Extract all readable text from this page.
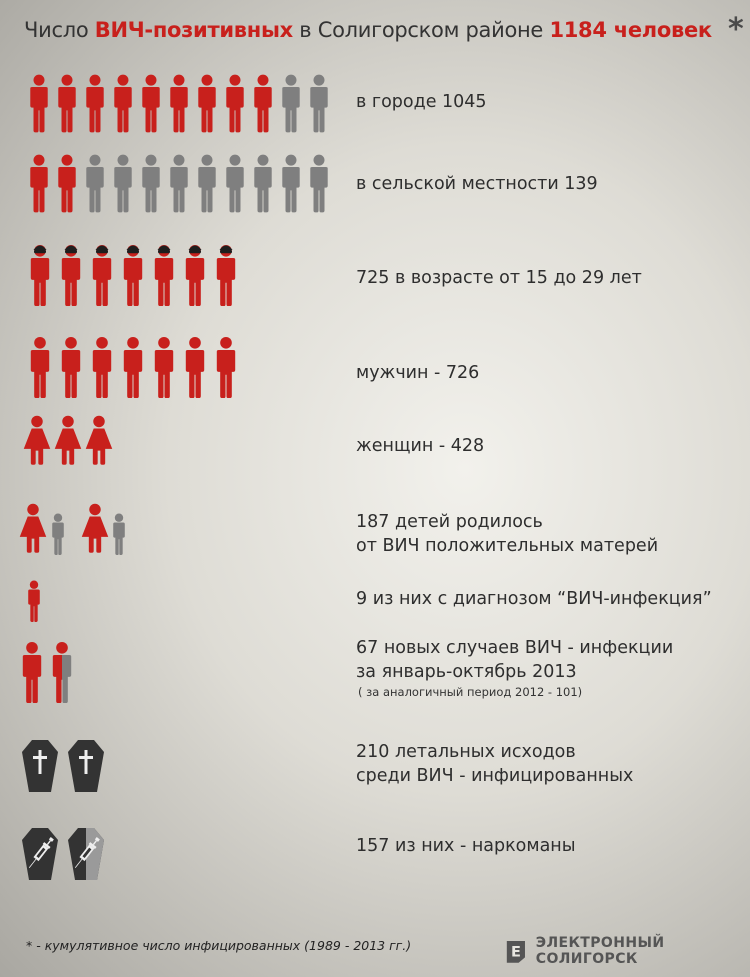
Число ВИЧ-позитивных в Солигорском районе 1184 человек *

в городе 1045

в сельской местности 139

725 в возрасте от 15 до 29 лет

мужчин - 726

женщин - 428

187 детей родилось
от ВИЧ положительных матерей

9 из них с диагнозом “ВИЧ-инфекция”

67 новых случаев ВИЧ - инфекции
за январь-октябрь 2013
( за аналогичный период 2012 - 101)

210 летальных исходов
среди ВИЧ - инфицированных

157 из них - наркоманы

* - кумулятивное число инфицированных (1989 - 2013 гг.)	Е
ЭЛЕКТРОННЫЙ СОЛИГОРСК
